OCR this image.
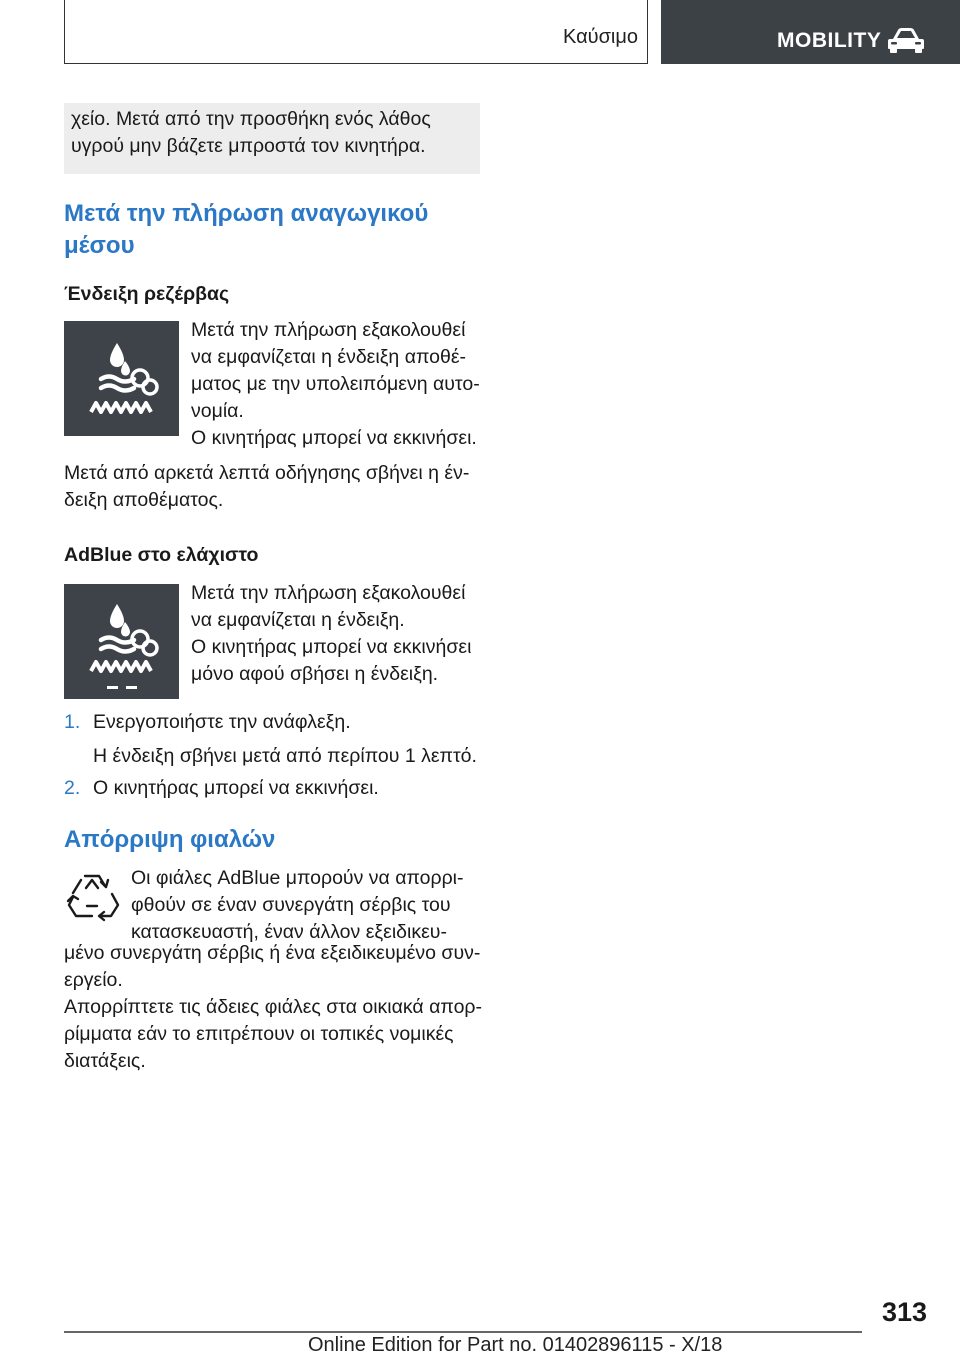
Καύσιμο	MOBILITY
χείο. Μετά από την προσθήκη ενός λάθος
υγρού μην βάζετε μπροστά τον κινητήρα.
Μετά την πλήρωση αναγωγικού
μέσου
Ένδειξη ρεζέρβας
Μετά την πλήρωση εξακολουθεί
να εμφανίζεται η ένδειξη αποθέ-
ματος με την υπολειπόμενη αυτο-
νομία.
Ο κινητήρας μπορεί να εκκινήσει.
Μετά από αρκετά λεπτά οδήγησης σβήνει η έν-
δειξη αποθέματος.
AdBlue στο ελάχιστο
Μετά την πλήρωση εξακολουθεί
να εμφανίζεται η ένδειξη.
Ο κινητήρας μπορεί να εκκινήσει
μόνο αφού σβήσει η ένδειξη.
1. Ενεργοποιήστε την ανάφλεξη.
Η ένδειξη σβήνει μετά από περίπου 1 λεπτό.
2. Ο κινητήρας μπορεί να εκκινήσει.
Απόρριψη φιαλών
Οι φιάλες AdBlue μπορούν να απορρι-
φθούν σε έναν συνεργάτη σέρβις του
κατασκευαστή, έναν άλλον εξειδικευ-
μένο συνεργάτη σέρβις ή ένα εξειδικευμένο συν-
εργείο.
Απορρίπτετε τις άδειες φιάλες στα οικιακά απορ-
ρίμματα εάν το επιτρέπουν οι τοπικές νομικές
διατάξεις.
313
Online Edition for Part no. 01402896115 - X/18
